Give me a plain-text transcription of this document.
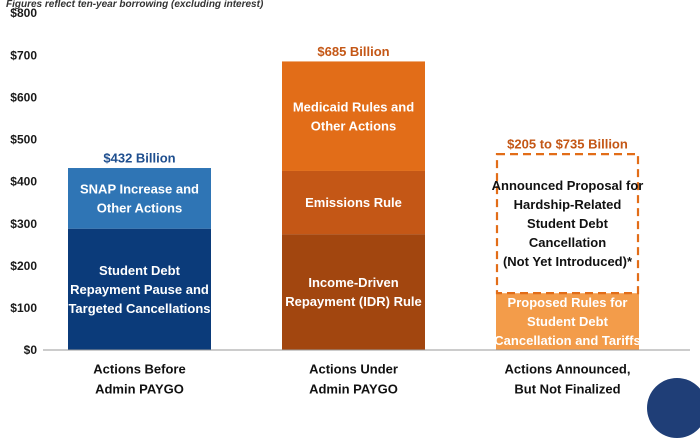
Figures reflect ten-year borrowing (excluding interest)
$0
$100
$200
$300
$400
$500
$600
$700
$800
Student Debt Repayment Pause and Targeted Cancellations
SNAP Increase and Other Actions
$432 Billion
Actions Before Admin PAYGO
Income-Driven Repayment (IDR) Rule
Emissions Rule
Medicaid Rules and Other Actions
$685 Billion
Actions Under Admin PAYGO
Proposed Rules for Student Debt Cancellation and Tariffs
Announced Proposal for Hardship-Related Student Debt Cancellation (Not Yet Introduced)*
$205 to $735 Billion
Actions Announced, But Not Finalized
